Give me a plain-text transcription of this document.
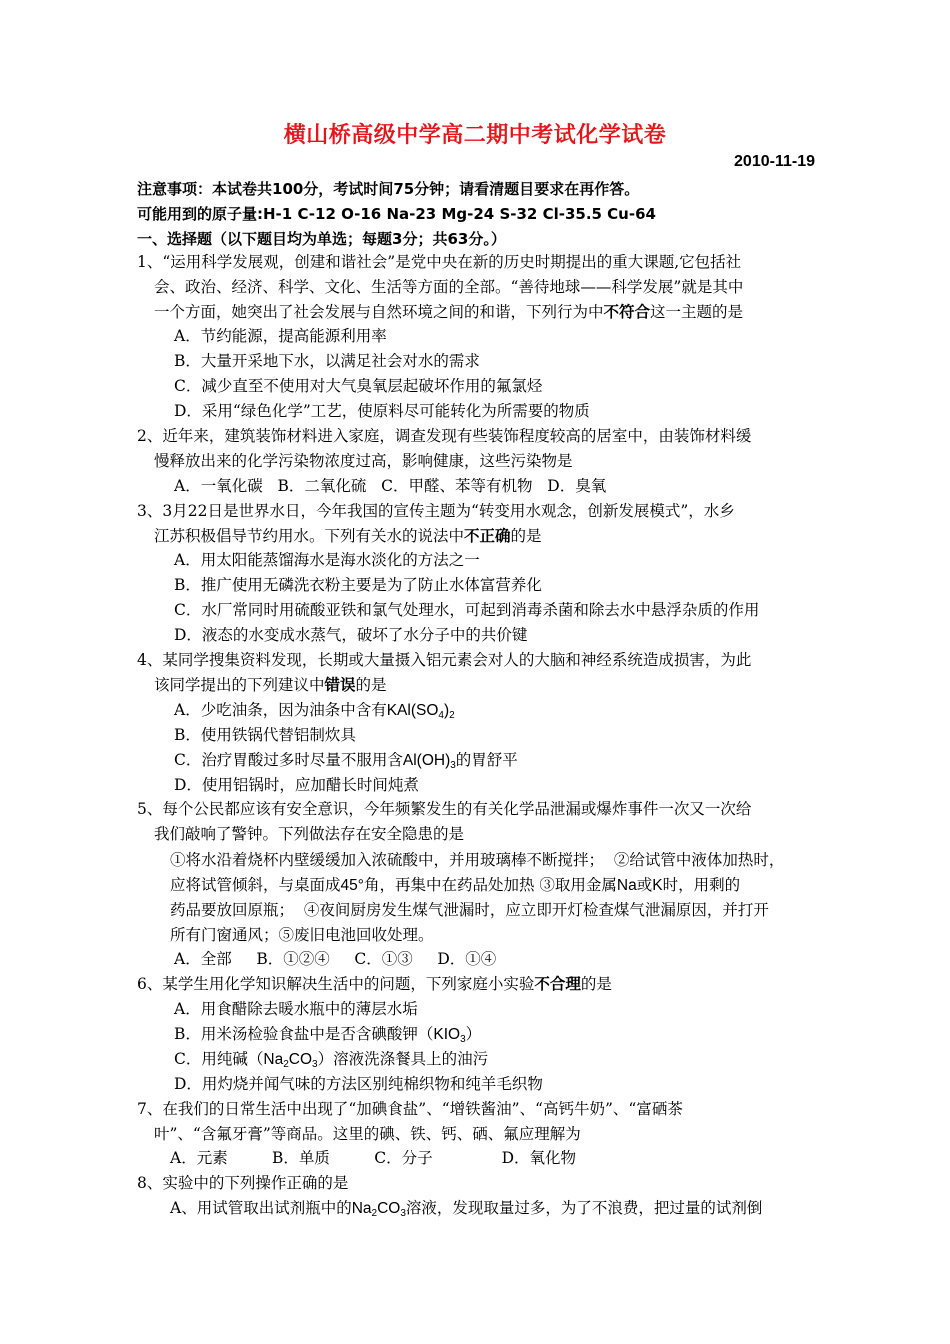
横山桥高级中学高二期中考试化学试卷
2010-11-19
注意事项：本试卷共100分，考试时间75分钟；请看清题目要求在再作答。
可能用到的原子量:H-1 C-12 O-16 Na-23 Mg-24 S-32 Cl-35.5 Cu-64
一、选择题（以下题目均为单选；每题3分；共63分。）
1、“运用科学发展观，创建和谐社会”是党中央在新的历史时期提出的重大课题,它包括社
会、政治、经济、科学、文化、生活等方面的全部。“善待地球——科学发展”就是其中
一个方面，她突出了社会发展与自然环境之间的和谐，下列行为中不符合这一主题的是
A．节约能源，提高能源利用率
B．大量开采地下水，以满足社会对水的需求
C．减少直至不使用对大气臭氧层起破坏作用的氟氯烃
D．采用“绿色化学”工艺，使原料尽可能转化为所需要的物质
2、近年来，建筑装饰材料进入家庭，调查发现有些装饰程度较高的居室中，由装饰材料缓
慢释放出来的化学污染物浓度过高，影响健康，这些污染物是
A．一氧化碳   B．二氧化硫   C．甲醛、苯等有机物   D．臭氧
3、3月22日是世界水日，今年我国的宣传主题为“转变用水观念，创新发展模式”，水乡
江苏积极倡导节约用水。下列有关水的说法中不正确的是
A．用太阳能蒸馏海水是海水淡化的方法之一
B．推广使用无磷洗衣粉主要是为了防止水体富营养化
C．水厂常同时用硫酸亚铁和氯气处理水，可起到消毒杀菌和除去水中悬浮杂质的作用
D．液态的水变成水蒸气，破坏了水分子中的共价键
4、某同学搜集资料发现，长期或大量摄入铝元素会对人的大脑和神经系统造成损害，为此
该同学提出的下列建议中错误的是
A．少吃油条，因为油条中含有$KAl(SO_4)_2$
B．使用铁锅代替铝制炊具
C．治疗胃酸过多时尽量不服用含$Al(OH)_3$的胃舒平
D．使用铝锅时，应加醋长时间炖煮
5、每个公民都应该有安全意识，今年频繁发生的有关化学品泄漏或爆炸事件一次又一次给
我们敲响了警钟。下列做法存在安全隐患的是
①将水沿着烧杯内壁缓缓加入浓硫酸中，并用玻璃棒不断搅拌；  ②给试管中液体加热时，
应将试管倾斜，与桌面成45°角，再集中在药品处加热 ③取用金属Na或K时，用剩的
药品要放回原瓶；  ④夜间厨房发生煤气泄漏时，应立即开灯检查煤气泄漏原因，并打开
所有门窗通风；⑤废旧电池回收处理。
A．全部     B．①②④     C．①③     D．①④
6、某学生用化学知识解决生活中的问题，下列家庭小实验不合理的是
A．用食醋除去暖水瓶中的薄层水垢
B．用米汤检验食盐中是否含碘酸钾$(KIO_3)$
C．用纯碱$(Na_2CO_3)$溶液洗涤餐具上的油污
D．用灼烧并闻气味的方法区别纯棉织物和纯羊毛织物
7、在我们的日常生活中出现了“加碘食盐”、“增铁酱油”、“高钙牛奶”、“富硒茶
叶”、“含氟牙膏”等商品。这里的碘、铁、钙、硒、氟应理解为
A．元素         B．单质         C．分子              D．氧化物
8、实验中的下列操作正确的是
A、用试管取出试剂瓶中的$Na_2CO_3$溶液，发现取量过多，为了不浪费，把过量的试剂倒
